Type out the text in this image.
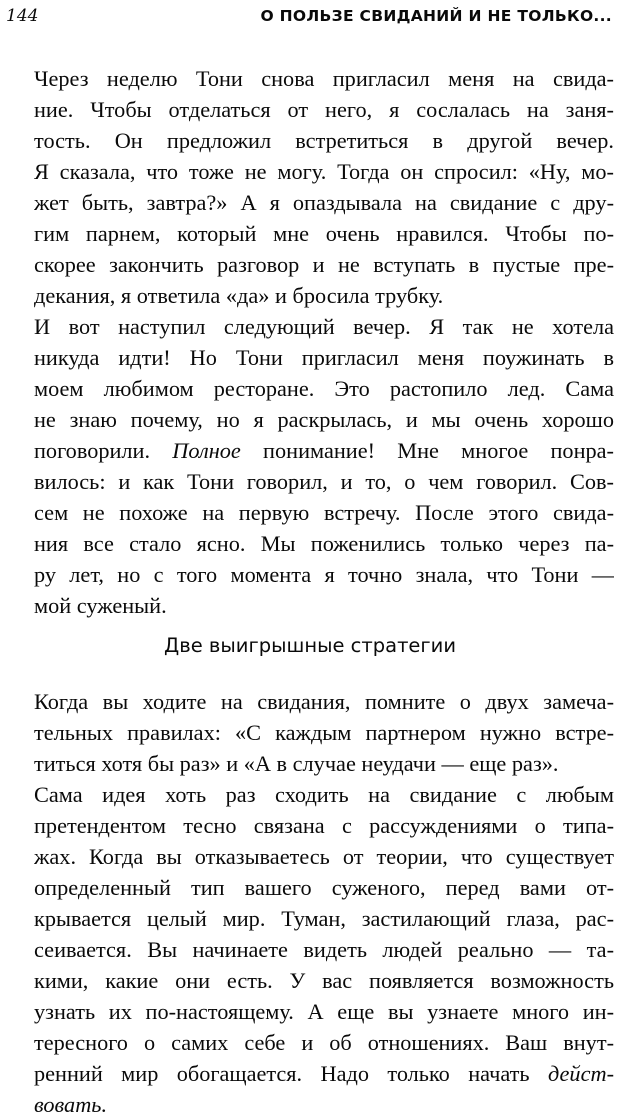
144	О ПОЛЬЗЕ СВИДАНИЙ И НЕ ТОЛЬКО...
Через неделю Тони снова пригласил меня на свида-
ние. Чтобы отделаться от него, я сослалась на заня-
тость. Он предложил встретиться в другой вечер.
Я сказала, что тоже не могу. Тогда он спросил: «Ну, мо-
жет быть, завтра?» А я опаздывала на свидание с дру-
гим парнем, который мне очень нравился. Чтобы по-
скорее закончить разговор и не вступать в пустые пре-
декания, я ответила «да» и бросила трубку.
И вот наступил следующий вечер. Я так не хотела
никуда идти! Но Тони пригласил меня поужинать в
моем любимом ресторане. Это растопило лед. Сама
не знаю почему, но я раскрылась, и мы очень хорошо
поговорили. Полное понимание! Мне многое понра-
вилось: и как Тони говорил, и то, о чем говорил. Сов-
сем не похоже на первую встречу. После этого свида-
ния все стало ясно. Мы поженились только через па-
ру лет, но с того момента я точно знала, что Тони —
мой суженый.
Две выигрышные стратегии
Когда вы ходите на свидания, помните о двух замеча-
тельных правилах: «С каждым партнером нужно встре-
титься хотя бы раз» и «А в случае неудачи — еще раз».
Сама идея хоть раз сходить на свидание с любым
претендентом тесно связана с рассуждениями о типа-
жах. Когда вы отказываетесь от теории, что существует
определенный тип вашего суженого, перед вами от-
крывается целый мир. Туман, застилающий глаза, рас-
сеивается. Вы начинаете видеть людей реально — та-
кими, какие они есть. У вас появляется возможность
узнать их по-настоящему. А еще вы узнаете много ин-
тересного о самих себе и об отношениях. Ваш внут-
ренний мир обогащается. Надо только начать дейст-
вовать.
